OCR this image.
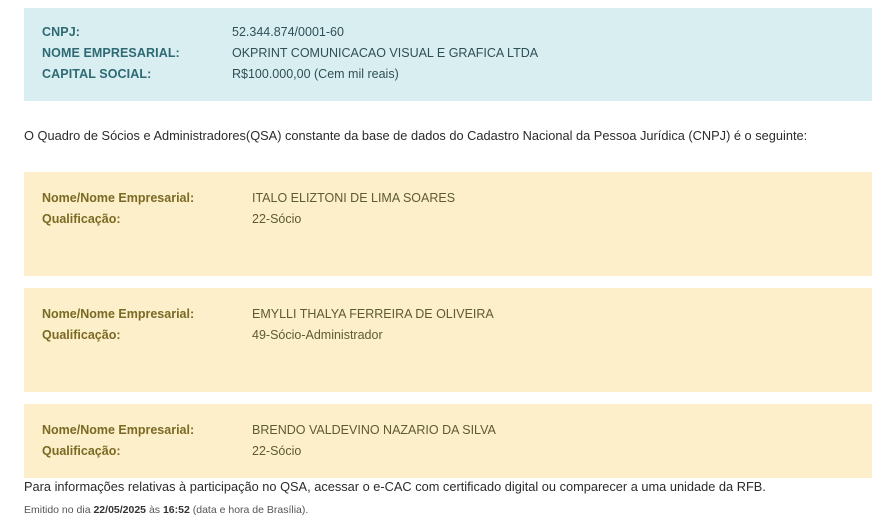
CNPJ:	52.344.874/0001-60
NOME EMPRESARIAL:	OKPRINT COMUNICACAO VISUAL E GRAFICA LTDA
CAPITAL SOCIAL:	R$100.000,00 (Cem mil reais)
O Quadro de Sócios e Administradores(QSA) constante da base de dados do Cadastro Nacional da Pessoa Jurídica (CNPJ) é o seguinte:
Nome/Nome Empresarial:	ITALO ELIZTONI DE LIMA SOARES
Qualificação:	22-Sócio
Nome/Nome Empresarial:	EMYLLI THALYA FERREIRA DE OLIVEIRA
Qualificação:	49-Sócio-Administrador
Nome/Nome Empresarial:	BRENDO VALDEVINO NAZARIO DA SILVA
Qualificação:	22-Sócio
Para informações relativas à participação no QSA, acessar o e-CAC com certificado digital ou comparecer a uma unidade da RFB.
Emitido no dia 22/05/2025 às 16:52 (data e hora de Brasília).
